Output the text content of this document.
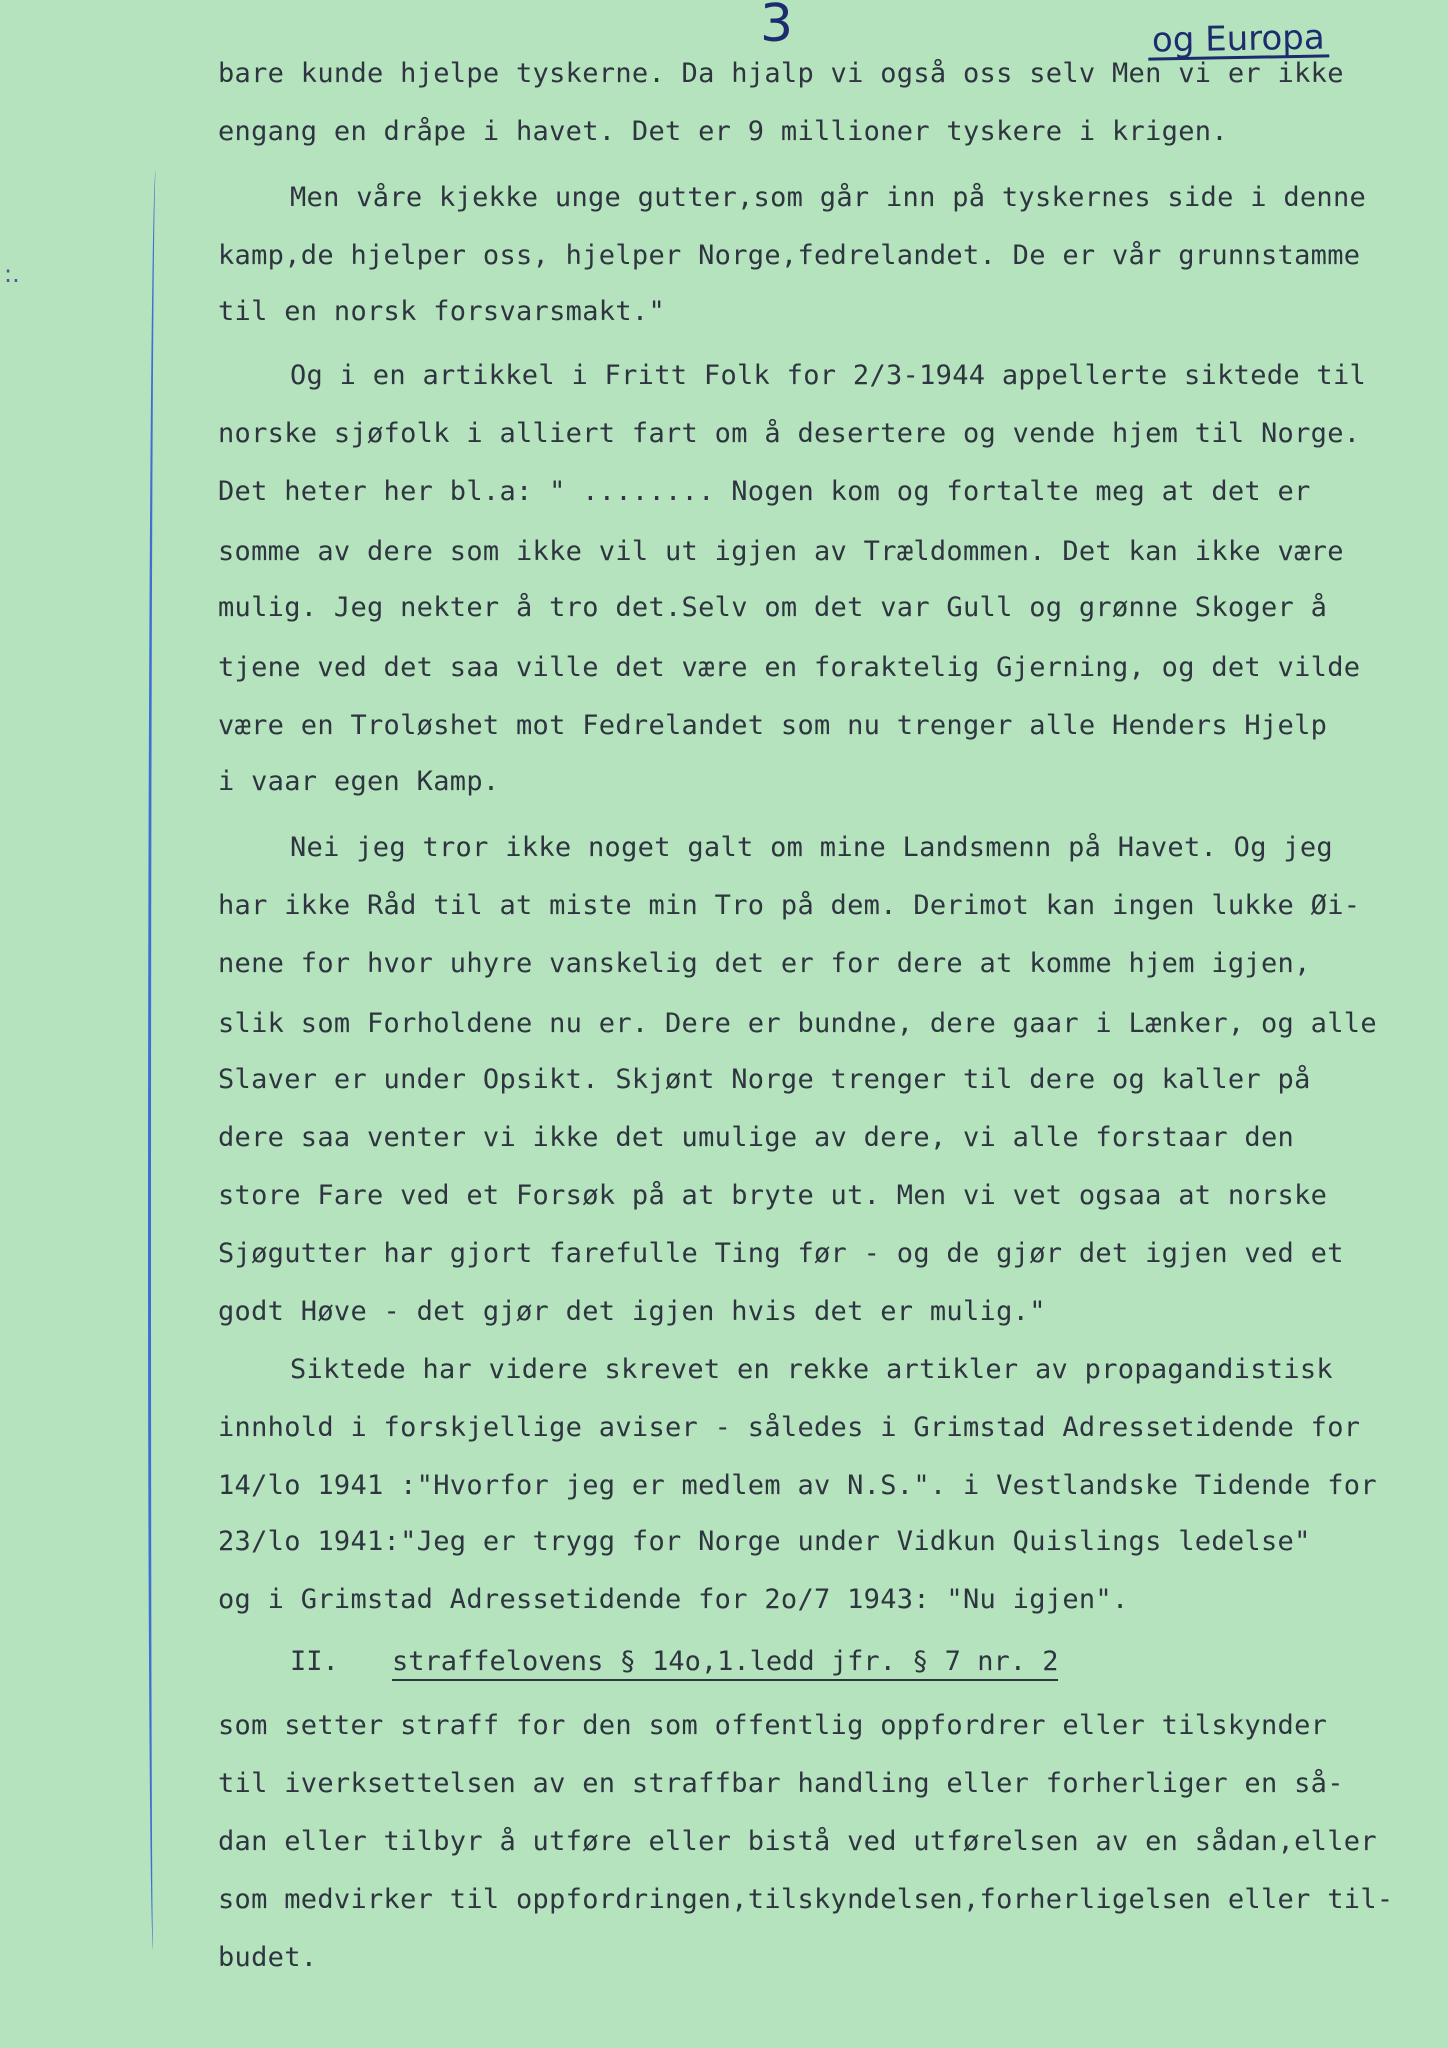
3	og Europa
:.
bare kunde hjelpe tyskerne. Da hjalp vi også oss selv Men vi er ikke
engang en dråpe i havet. Det er 9 millioner tyskere i krigen.
Men våre kjekke unge gutter,som går inn på tyskernes side i denne
kamp,de hjelper oss, hjelper Norge,fedrelandet. De er vår grunnstamme
til en norsk forsvarsmakt."
Og i en artikkel i Fritt Folk for 2/3-1944 appellerte siktede til
norske sjøfolk i alliert fart om å desertere og vende hjem til Norge.
Det heter her bl.a: " ........ Nogen kom og fortalte meg at det er
somme av dere som ikke vil ut igjen av Trældommen. Det kan ikke være
mulig. Jeg nekter å tro det.Selv om det var Gull og grønne Skoger å
tjene ved det saa ville det være en foraktelig Gjerning, og det vilde
være en Troløshet mot Fedrelandet som nu trenger alle Henders Hjelp
i vaar egen Kamp.
Nei jeg tror ikke noget galt om mine Landsmenn på Havet. Og jeg
har ikke Råd til at miste min Tro på dem. Derimot kan ingen lukke Øi-
nene for hvor uhyre vanskelig det er for dere at komme hjem igjen,
slik som Forholdene nu er. Dere er bundne, dere gaar i Lænker, og alle
Slaver er under Opsikt. Skjønt Norge trenger til dere og kaller på
dere saa venter vi ikke det umulige av dere, vi alle forstaar den
store Fare ved et Forsøk på at bryte ut. Men vi vet ogsaa at norske
Sjøgutter har gjort farefulle Ting før - og de gjør det igjen ved et
godt Høve - det gjør det igjen hvis det er mulig."
Siktede har videre skrevet en rekke artikler av propagandistisk
innhold i forskjellige aviser - således i Grimstad Adressetidende for
14/lo 1941 :"Hvorfor jeg er medlem av N.S.". i Vestlandske Tidende for
23/lo 1941:"Jeg er trygg for Norge under Vidkun Quislings ledelse"
og i Grimstad Adressetidende for 2o/7 1943: "Nu igjen".
II. straffelovens § 14o,1.ledd jfr. § 7 nr. 2
som setter straff for den som offentlig oppfordrer eller tilskynder
til iverksettelsen av en straffbar handling eller forherliger en så-
dan eller tilbyr å utføre eller bistå ved utførelsen av en sådan,eller
som medvirker til oppfordringen,tilskyndelsen,forherligelsen eller til-
budet.
